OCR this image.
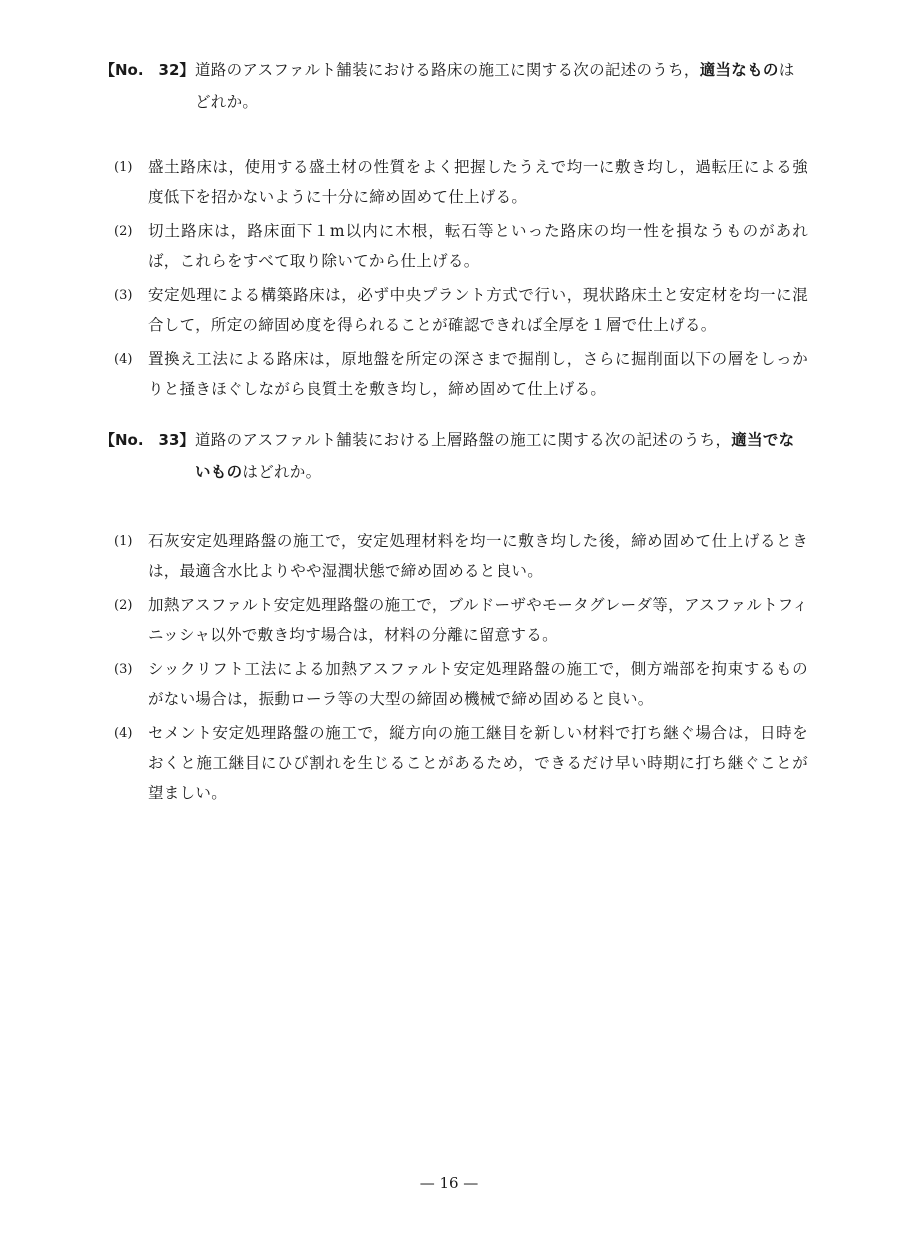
【No.　32】 道路のアスファルト舗装における路床の施工に関する次の記述のうち，適当なものはどれか。
(1)	盛土路床は，使用する盛土材の性質をよく把握したうえで均一に敷き均し，過転圧による強度低下を招かないように十分に締め固めて仕上げる。
(2)	切土路床は，路床面下１m以内に木根，転石等といった路床の均一性を損なうものがあれば，これらをすべて取り除いてから仕上げる。
(3)	安定処理による構築路床は，必ず中央プラント方式で行い，現状路床土と安定材を均一に混合して，所定の締固め度を得られることが確認できれば全厚を１層で仕上げる。
(4)	置換え工法による路床は，原地盤を所定の深さまで掘削し，さらに掘削面以下の層をしっかりと掻きほぐしながら良質土を敷き均し，締め固めて仕上げる。
【No.　33】 道路のアスファルト舗装における上層路盤の施工に関する次の記述のうち，適当でないものはどれか。
(1)	石灰安定処理路盤の施工で，安定処理材料を均一に敷き均した後，締め固めて仕上げるときは，最適含水比よりやや湿潤状態で締め固めると良い。
(2)	加熱アスファルト安定処理路盤の施工で，ブルドーザやモータグレーダ等，アスファルトフィニッシャ以外で敷き均す場合は，材料の分離に留意する。
(3)	シックリフト工法による加熱アスファルト安定処理路盤の施工で，側方端部を拘束するものがない場合は，振動ローラ等の大型の締固め機械で締め固めると良い。
(4)	セメント安定処理路盤の施工で，縦方向の施工継目を新しい材料で打ち継ぐ場合は，日時をおくと施工継目にひび割れを生じることがあるため，できるだけ早い時期に打ち継ぐことが望ましい。
— 16 —
